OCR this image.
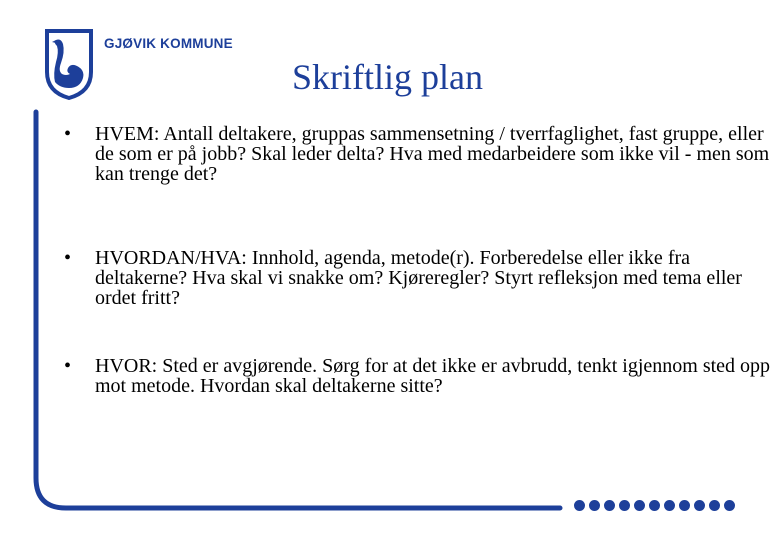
GJØVIK KOMMUNE
Skriftlig plan
• HVEM: Antall deltakere, gruppas sammensetning / tverrfaglighet, fast gruppe, eller de som er på jobb? Skal leder delta? Hva med medarbeidere som ikke vil - men som kan trenge det?
• HVORDAN/HVA: Innhold, agenda, metode(r). Forberedelse eller ikke fra deltakerne? Hva skal vi snakke om? Kjøreregler? Styrt refleksjon med tema eller ordet fritt?
• HVOR: Sted er avgjørende. Sørg for at det ikke er avbrudd, tenkt igjennom sted opp mot metode. Hvordan skal deltakerne sitte?
